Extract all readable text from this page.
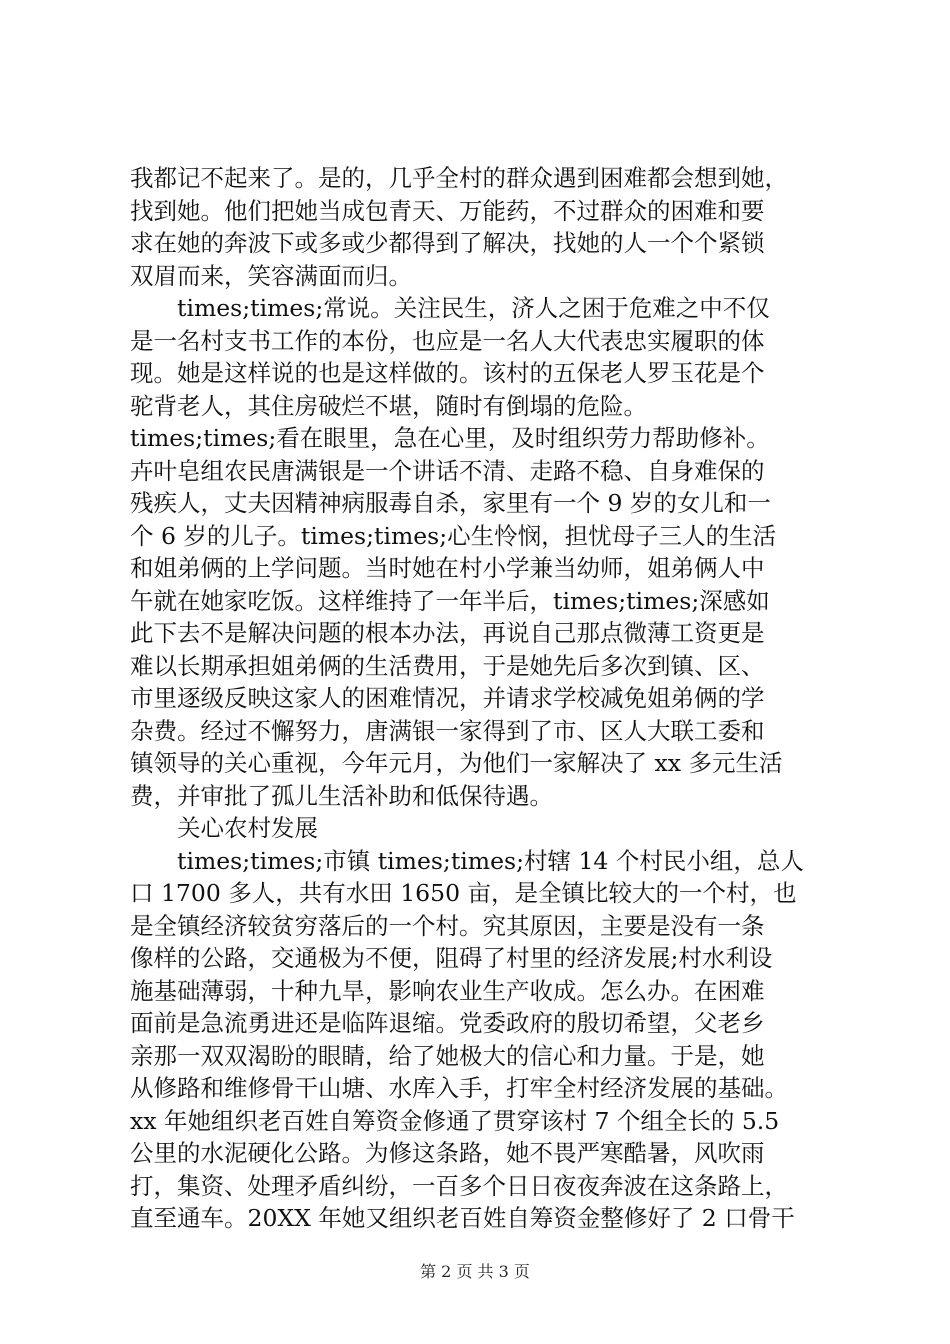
我都记不起来了。是的，几乎全村的群众遇到困难都会想到她，
找到她。他们把她当成包青天、万能药，不过群众的困难和要
求在她的奔波下或多或少都得到了解决，找她的人一个个紧锁
双眉而来，笑容满面而归。

times;times;常说。关注民生，济人之困于危难之中不仅
是一名村支书工作的本份，也应是一名人大代表忠实履职的体
现。她是这样说的也是这样做的。该村的五保老人罗玉花是个
驼背老人，其住房破烂不堪，随时有倒塌的危险。
times;times;看在眼里，急在心里，及时组织劳力帮助修补。
卉叶皂组农民唐满银是一个讲话不清、走路不稳、自身难保的
残疾人，丈夫因精神病服毒自杀，家里有一个 9 岁的女儿和一
个 6 岁的儿子。times;times;心生怜悯，担忧母子三人的生活
和姐弟俩的上学问题。当时她在村小学兼当幼师，姐弟俩人中
午就在她家吃饭。这样维持了一年半后，times;times;深感如
此下去不是解决问题的根本办法，再说自己那点微薄工资更是
难以长期承担姐弟俩的生活费用，于是她先后多次到镇、区、
市里逐级反映这家人的困难情况，并请求学校减免姐弟俩的学
杂费。经过不懈努力，唐满银一家得到了市、区人大联工委和
镇领导的关心重视，今年元月，为他们一家解决了 xx 多元生活
费，并审批了孤儿生活补助和低保待遇。

关心农村发展

times;times;市镇 times;times;村辖 14 个村民小组，总人
口 1700 多人，共有水田 1650 亩，是全镇比较大的一个村，也
是全镇经济较贫穷落后的一个村。究其原因，主要是没有一条
像样的公路，交通极为不便，阻碍了村里的经济发展;村水利设
施基础薄弱，十种九旱，影响农业生产收成。怎么办。在困难
面前是急流勇进还是临阵退缩。党委政府的殷切希望，父老乡
亲那一双双渴盼的眼睛，给了她极大的信心和力量。于是，她
从修路和维修骨干山塘、水库入手，打牢全村经济发展的基础。
xx 年她组织老百姓自筹资金修通了贯穿该村 7 个组全长的 5.5
公里的水泥硬化公路。为修这条路，她不畏严寒酷暑，风吹雨
打，集资、处理矛盾纠纷，一百多个日日夜夜奔波在这条路上，
直至通车。20XX 年她又组织老百姓自筹资金整修好了 2 口骨干

第 2 页 共 3 页
